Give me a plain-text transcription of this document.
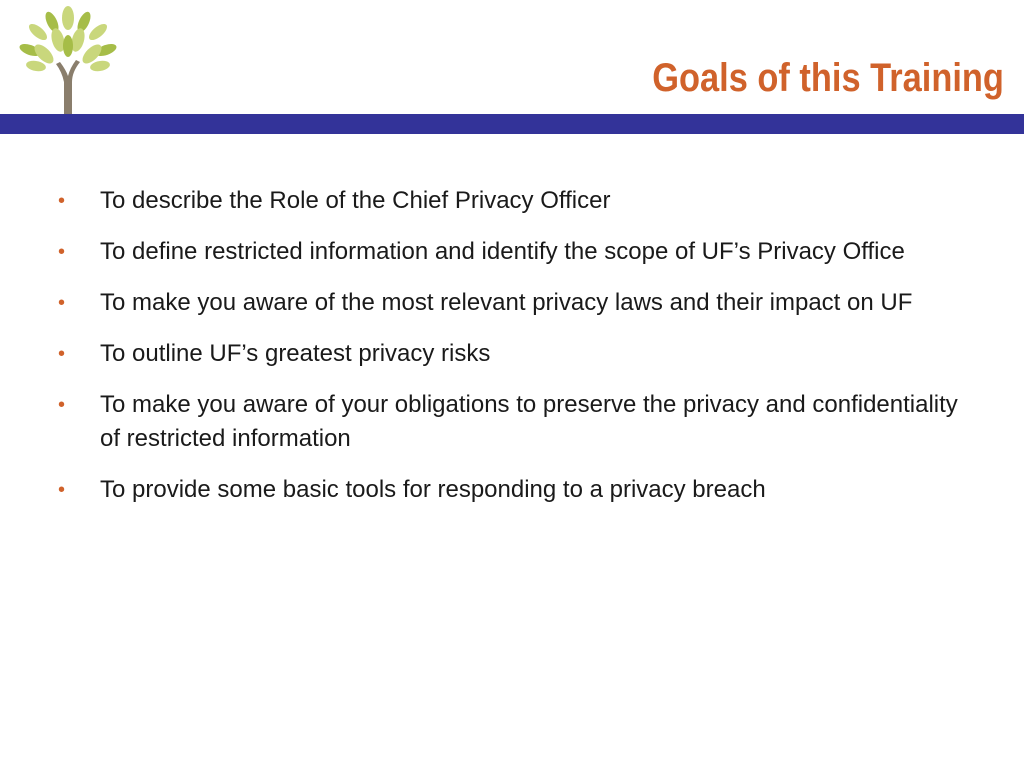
Goals of this Training
•	To describe the Role of the Chief Privacy Officer
•	To define restricted information and identify the scope of UF’s Privacy Office
•	To make you aware of the most relevant privacy laws and their impact on UF
•	To outline UF’s greatest privacy risks
•	To make you aware of your obligations to preserve the privacy and confidentiality of restricted information
•	To provide some basic tools for responding to a privacy breach
